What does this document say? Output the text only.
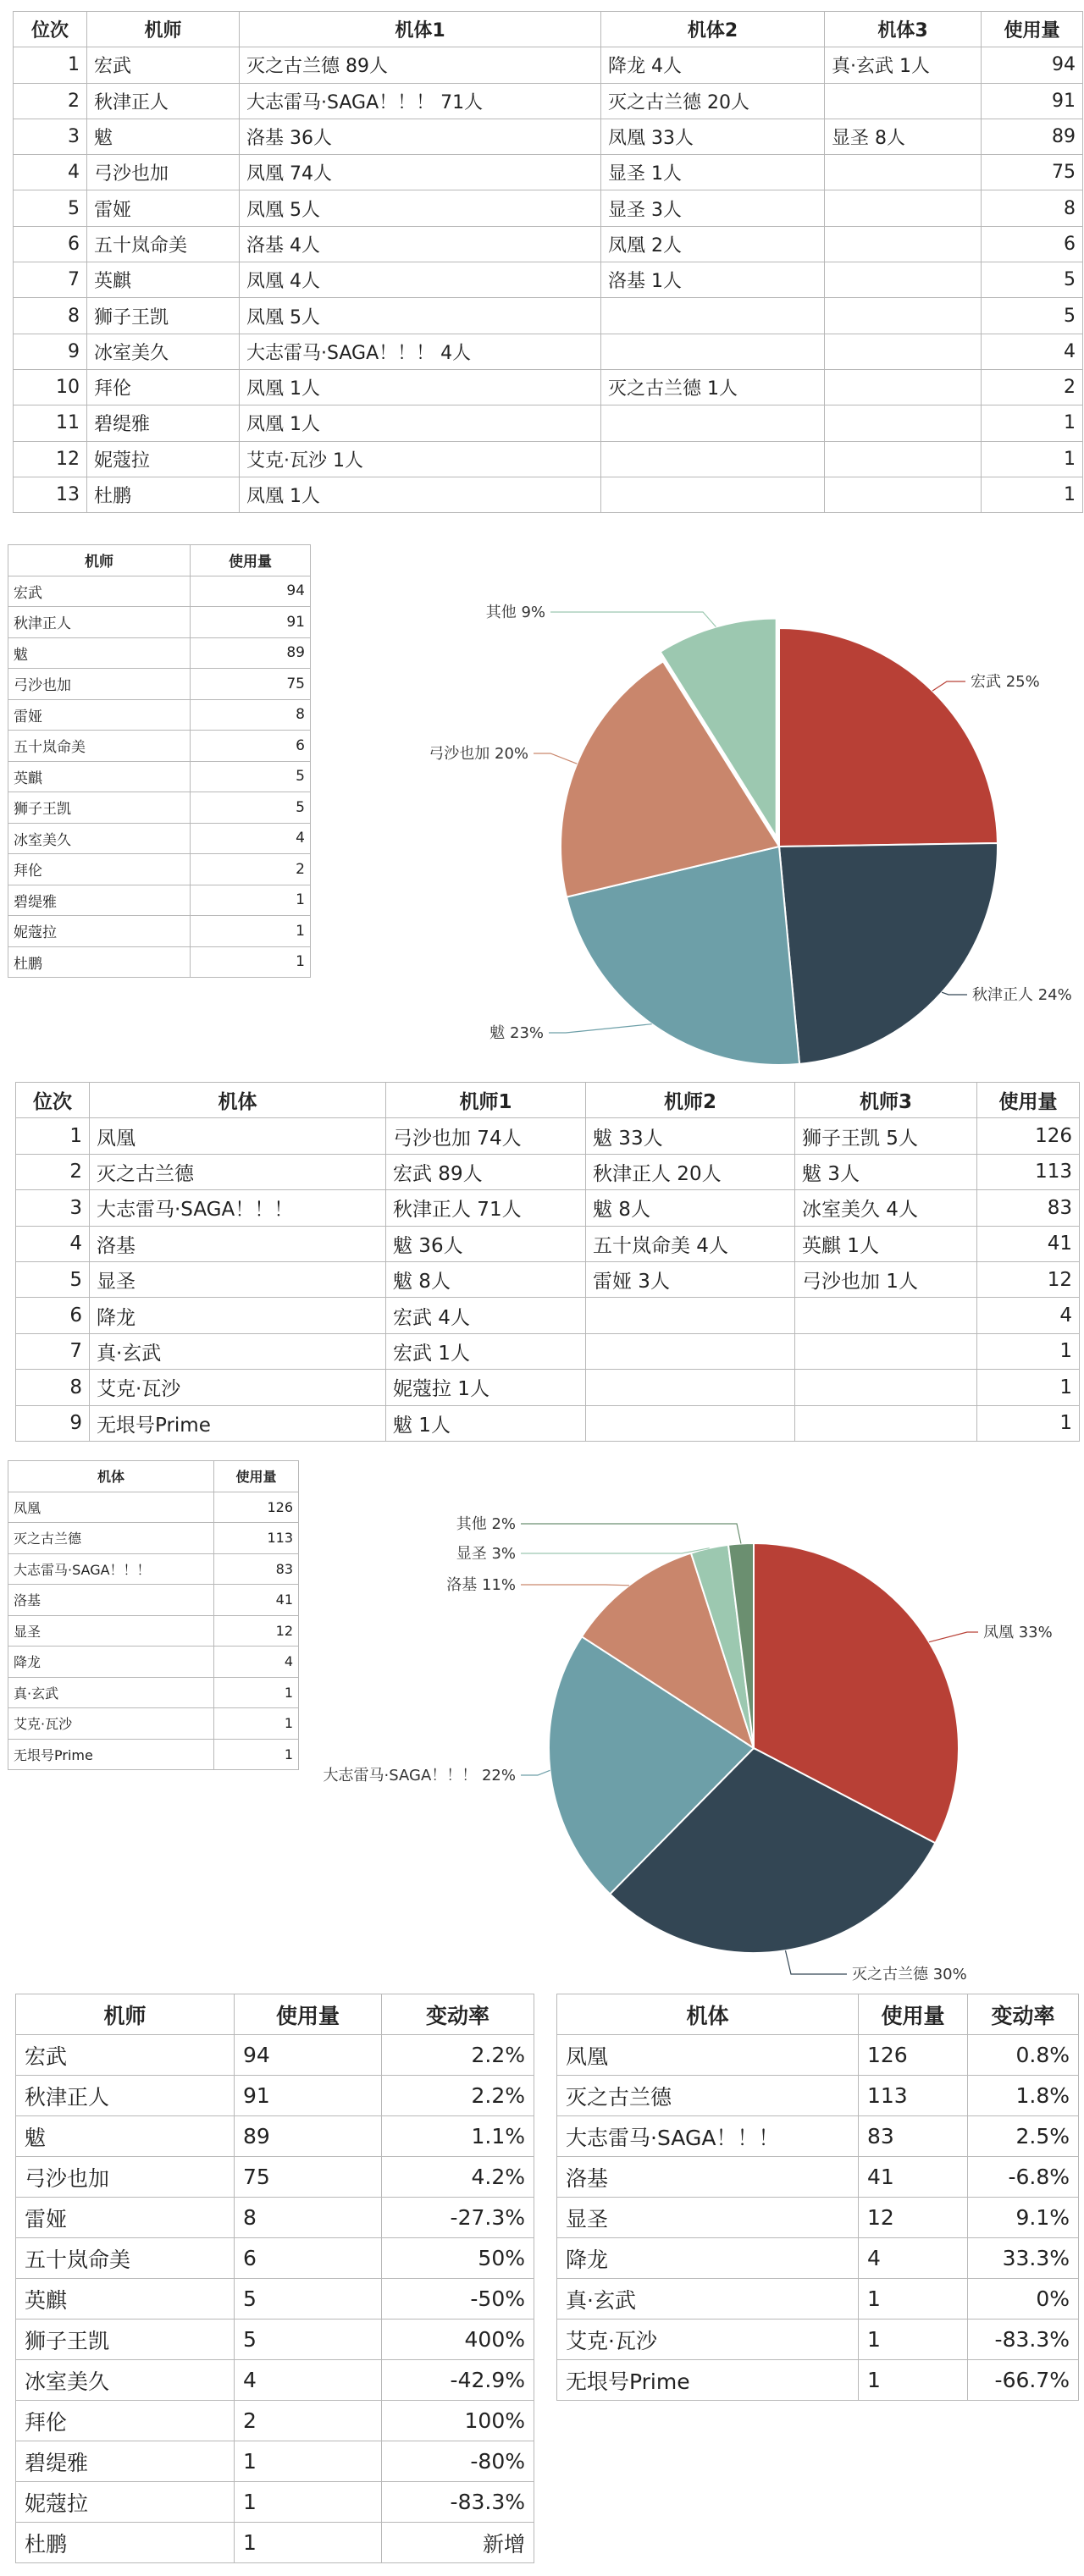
位次	机师	机体1	机体2	机体3	使用量
1	宏武	灭之古兰德 89人	降龙 4人	真·玄武 1人	94
2	秋津正人	大志雷马·SAGA！！！ 71人	灭之古兰德 20人		91
3	魃	洛基 36人	凤凰 33人	显圣 8人	89
4	弓沙也加	凤凰 74人	显圣 1人		75
5	雷娅	凤凰 5人	显圣 3人		8
6	五十岚命美	洛基 4人	凤凰 2人		6
7	英麒	凤凰 4人	洛基 1人		5
8	狮子王凯	凤凰 5人			5
9	冰室美久	大志雷马·SAGA！！！ 4人			4
10	拜伦	凤凰 1人	灭之古兰德 1人		2
11	碧缇雅	凤凰 1人			1
12	妮蔻拉	艾克·瓦沙 1人			1
13	杜鹏	凤凰 1人			1
机师	使用量
宏武	94
秋津正人	91
魃	89
弓沙也加	75
雷娅	8
五十岚命美	6
英麒	5
狮子王凯	5
冰室美久	4
拜伦	2
碧缇雅	1
妮蔻拉	1
杜鹏	1
宏武 25%
秋津正人 24%
魃 23%
弓沙也加 20%
其他 9%
位次	机体	机师1	机师2	机师3	使用量
1	凤凰	弓沙也加 74人	魃 33人	狮子王凯 5人	126
2	灭之古兰德	宏武 89人	秋津正人 20人	魃 3人	113
3	大志雷马·SAGA！！！	秋津正人 71人	魃 8人	冰室美久 4人	83
4	洛基	魃 36人	五十岚命美 4人	英麒 1人	41
5	显圣	魃 8人	雷娅 3人	弓沙也加 1人	12
6	降龙	宏武 4人			4
7	真·玄武	宏武 1人			1
8	艾克·瓦沙	妮蔻拉 1人			1
9	无垠号Prime	魃 1人			1
机体	使用量
凤凰	126
灭之古兰德	113
大志雷马·SAGA！！！	83
洛基	41
显圣	12
降龙	4
真·玄武	1
艾克·瓦沙	1
无垠号Prime	1
凤凰 33%
灭之古兰德 30%
大志雷马·SAGA！！！ 22%
洛基 11%
显圣 3%
其他 2%
机师	使用量	变动率
宏武	94	2.2%
秋津正人	91	2.2%
魃	89	1.1%
弓沙也加	75	4.2%
雷娅	8	-27.3%
五十岚命美	6	50%
英麒	5	-50%
狮子王凯	5	400%
冰室美久	4	-42.9%
拜伦	2	100%
碧缇雅	1	-80%
妮蔻拉	1	-83.3%
杜鹏	1	新增
机体	使用量	变动率
凤凰	126	0.8%
灭之古兰德	113	1.8%
大志雷马·SAGA！！！	83	2.5%
洛基	41	-6.8%
显圣	12	9.1%
降龙	4	33.3%
真·玄武	1	0%
艾克·瓦沙	1	-83.3%
无垠号Prime	1	-66.7%
